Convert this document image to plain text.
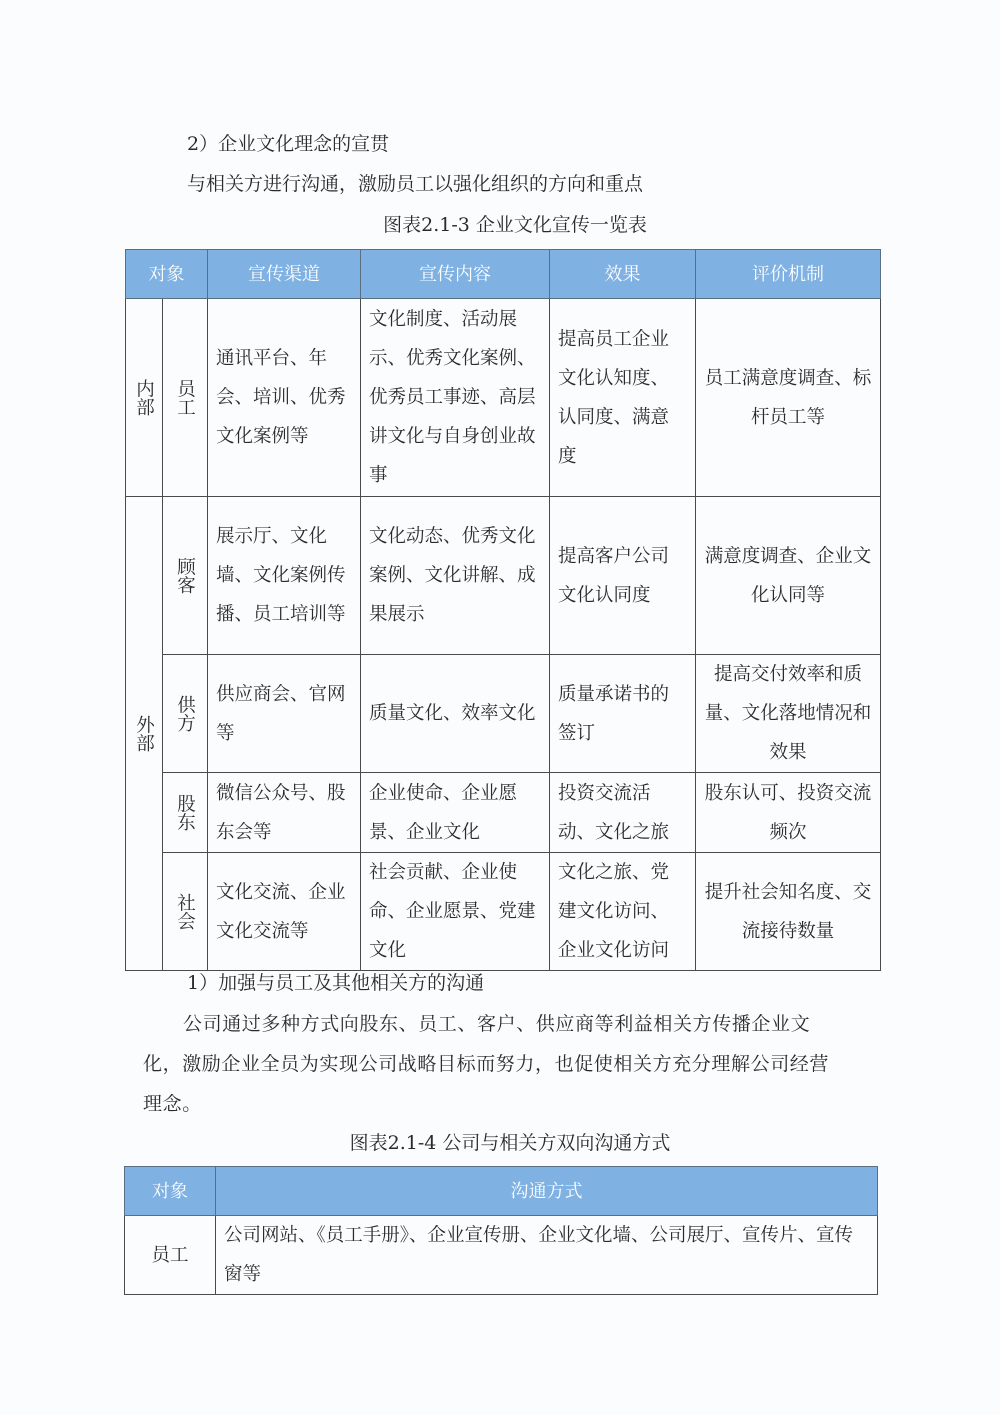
2）企业文化理念的宣贯
与相关方进行沟通，激励员工以强化组织的方向和重点
图表2.1-3 企业文化宣传一览表
对象		宣传渠道	宣传内容	效果	评价机制
内部	员工	通讯平台、年会、培训、优秀文化案例等	文化制度、活动展示、优秀文化案例、优秀员工事迹、高层讲文化与自身创业故事	提高员工企业文化认知度、认同度、满意度	员工满意度调查、标杆员工等
外部	顾客	展示厅、文化墙、文化案例传播、员工培训等	文化动态、优秀文化案例、文化讲解、成果展示	提高客户公司文化认同度	满意度调查、企业文化认同等
	供方	供应商会、官网等	质量文化、效率文化	质量承诺书的签订	提高交付效率和质量、文化落地情况和效果
	股东	微信公众号、股东会等	企业使命、企业愿景、企业文化	投资交流活动、文化之旅	股东认可、投资交流频次
	社会	文化交流、企业文化交流等	社会贡献、企业使命、企业愿景、党建文化	文化之旅、党建文化访问、企业文化访问	提升社会知名度、交流接待数量
1）加强与员工及其他相关方的沟通
公司通过多种方式向股东、员工、客户、供应商等利益相关方传播企业文化，激励企业全员为实现公司战略目标而努力，也促使相关方充分理解公司经营理念。
图表2.1-4 公司与相关方双向沟通方式
对象	沟通方式
员工	公司网站、《员工手册》、企业宣传册、企业文化墙、公司展厅、宣传片、宣传窗等
